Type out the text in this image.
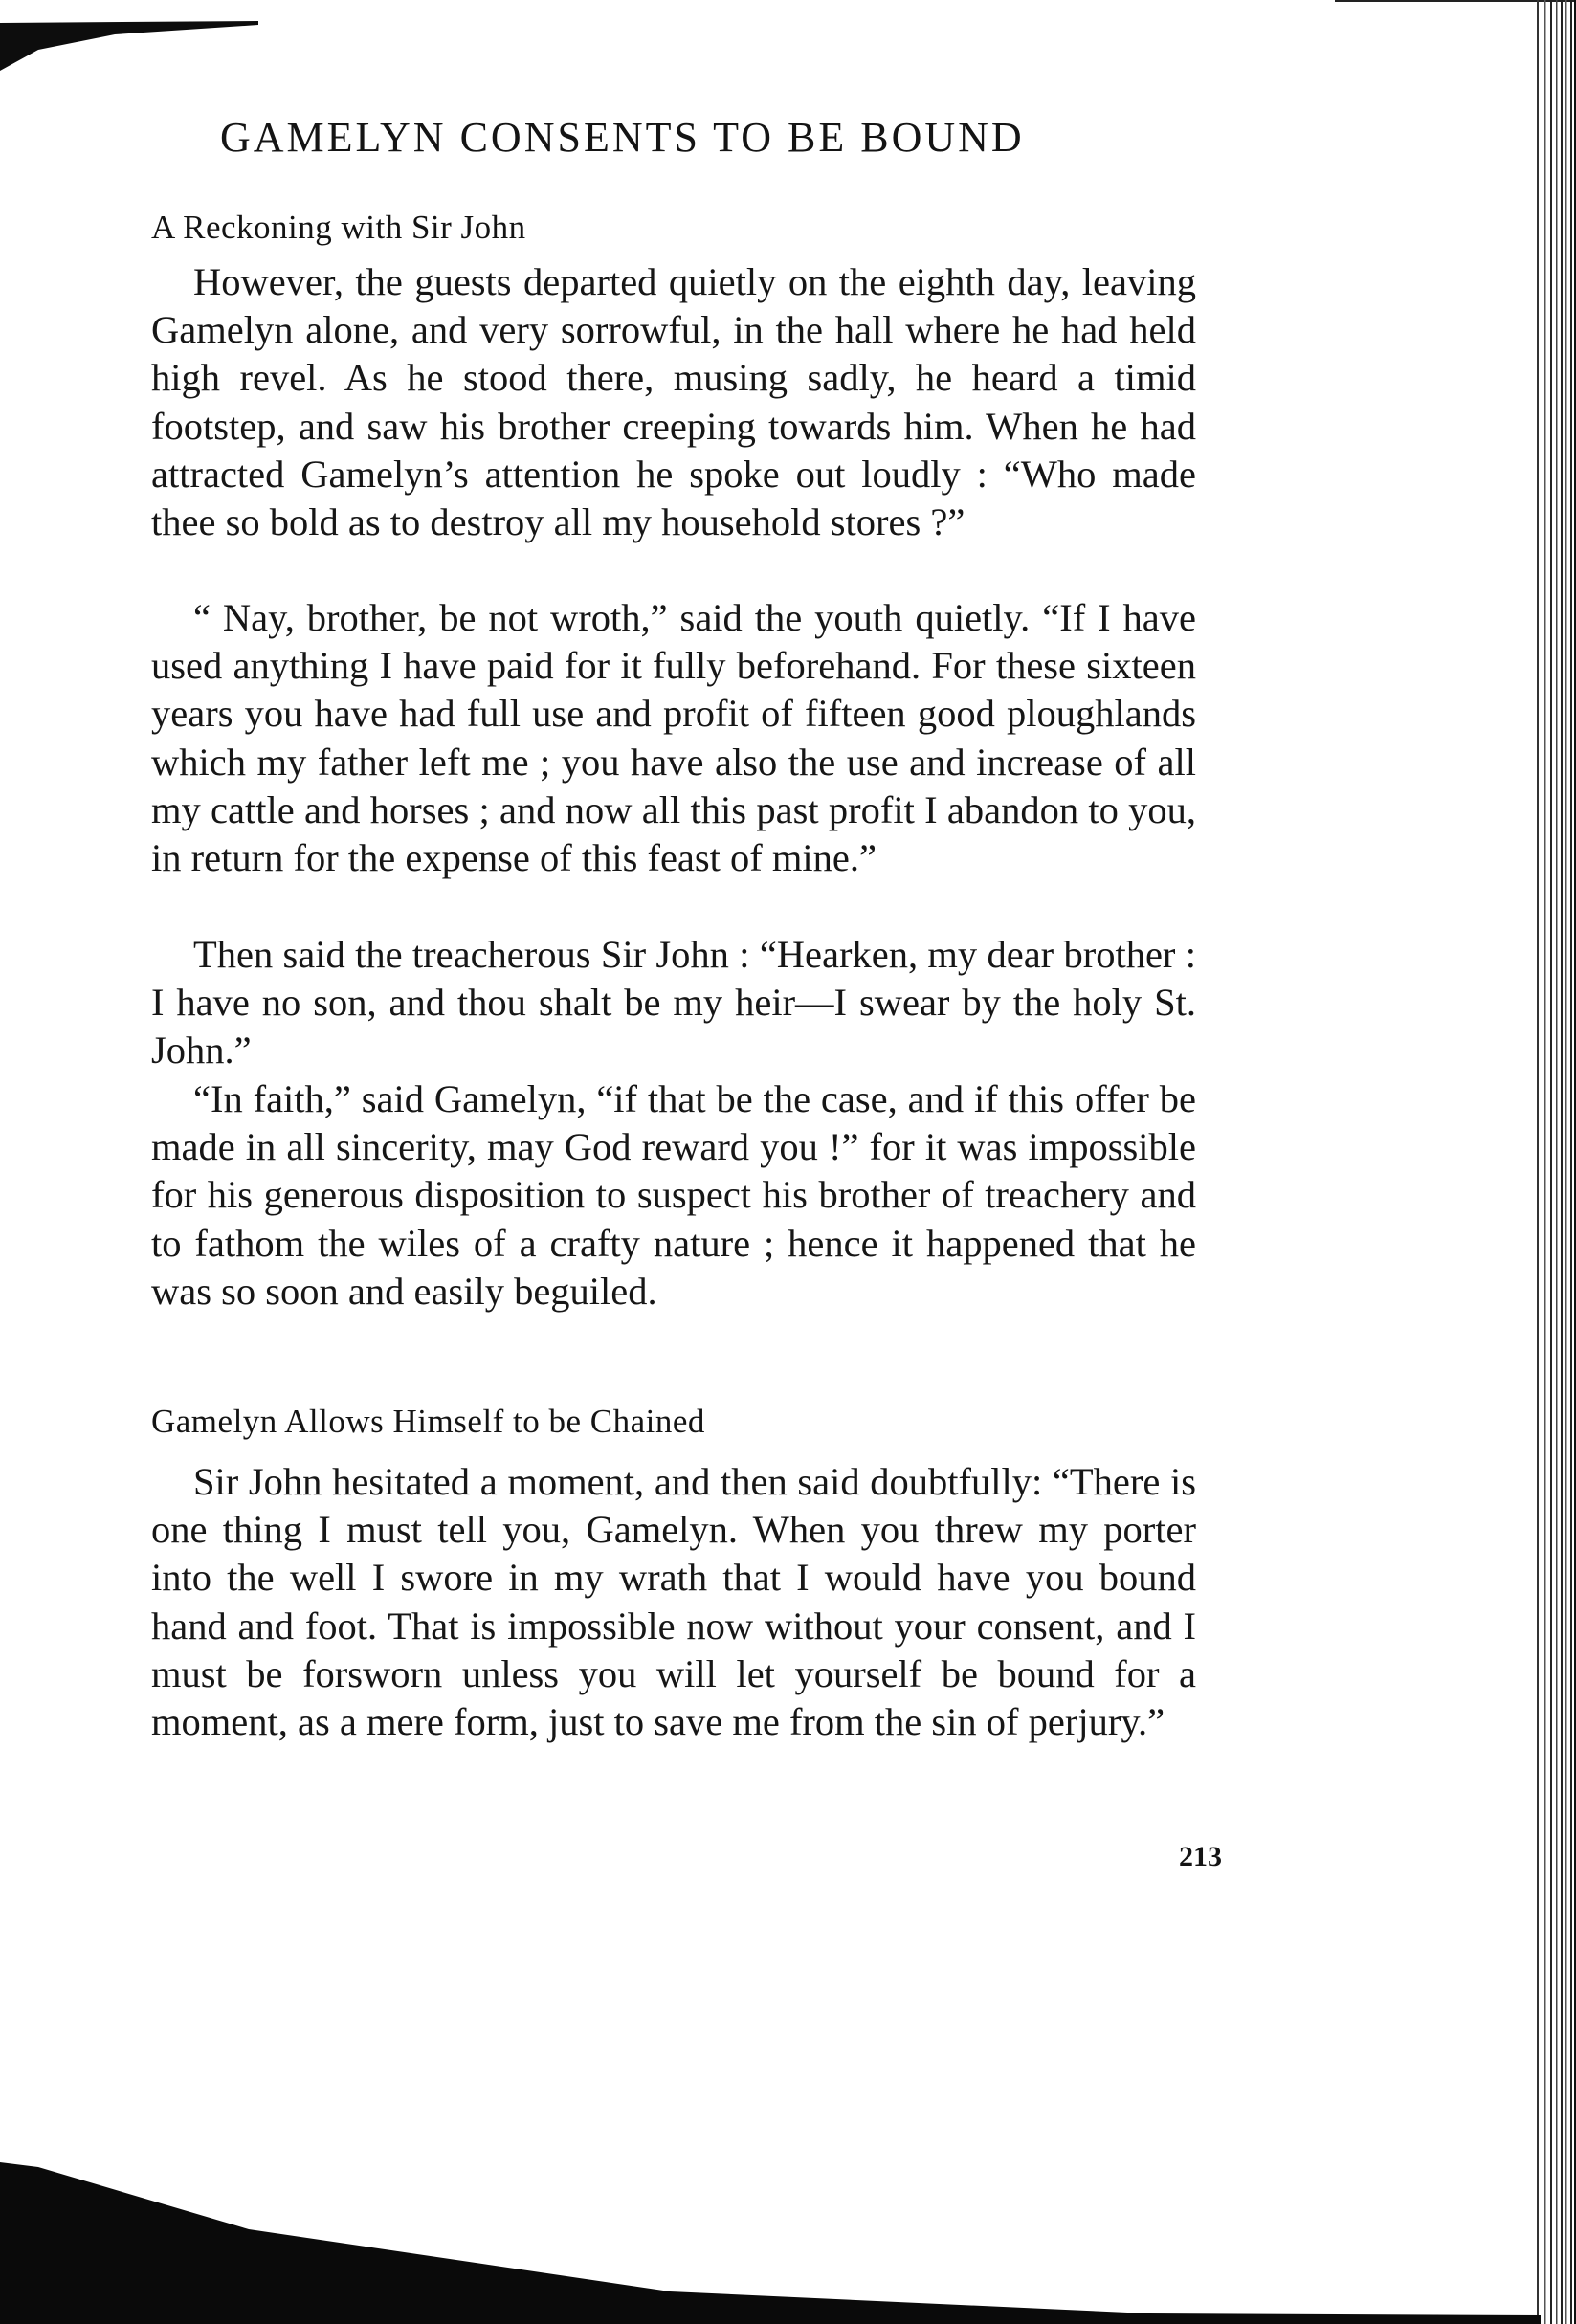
GAMELYN CONSENTS TO BE BOUND
A Reckoning with Sir John

However, the guests departed quietly on the eighth day, leaving Gamelyn alone, and very sorrowful, in the hall where he had held high revel. As he stood there, musing sadly, he heard a timid footstep, and saw his brother creeping towards him. When he had attracted Gamelyn’s attention he spoke out loudly : “Who made thee so bold as to destroy all my household stores ?”

“ Nay, brother, be not wroth,” said the youth quietly. “If I have used anything I have paid for it fully beforehand. For these sixteen years you have had full use and profit of fifteen good ploughlands which my father left me ; you have also the use and increase of all my cattle and horses ; and now all this past profit I abandon to you, in return for the expense of this feast of mine.”

Then said the treacherous Sir John : “Hearken, my dear brother : I have no son, and thou shalt be my heir—I swear by the holy St. John.”

“In faith,” said Gamelyn, “if that be the case, and if this offer be made in all sincerity, may God reward you !” for it was impossible for his generous disposition to suspect his brother of treachery and to fathom the wiles of a crafty nature ; hence it happened that he was so soon and easily beguiled.

Gamelyn Allows Himself to be Chained

Sir John hesitated a moment, and then said doubtfully: “There is one thing I must tell you, Gamelyn. When you threw my porter into the well I swore in my wrath that I would have you bound hand and foot. That is impossible now without your consent, and I must be forsworn unless you will let yourself be bound for a moment, as a mere form, just to save me from the sin of perjury.”

213
